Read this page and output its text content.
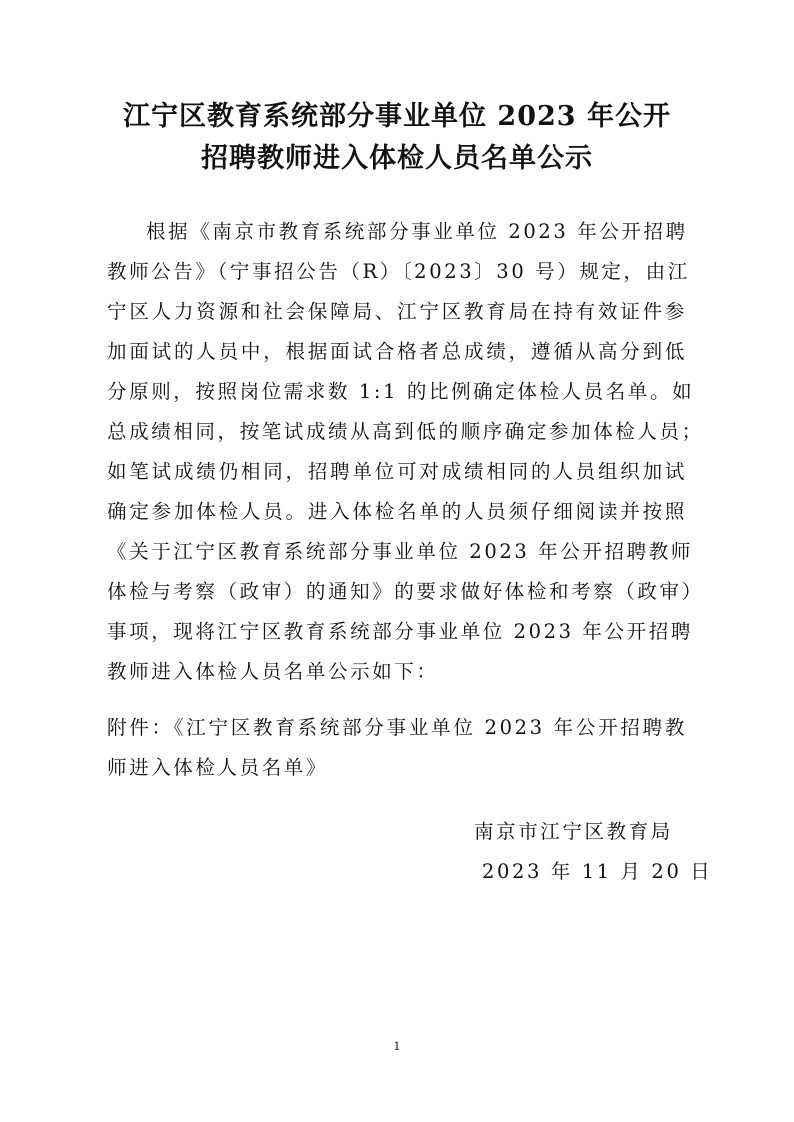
江宁区教育系统部分事业单位 2023 年公开
招聘教师进入体检人员名单公示
根据《南京市教育系统部分事业单位 2023 年公开招聘
教师公告》（宁事招公告（R）〔2023〕30 号）规定，由江
宁区人力资源和社会保障局、江宁区教育局在持有效证件参
加面试的人员中，根据面试合格者总成绩，遵循从高分到低
分原则，按照岗位需求数 1:1 的比例确定体检人员名单。如
总成绩相同，按笔试成绩从高到低的顺序确定参加体检人员；
如笔试成绩仍相同，招聘单位可对成绩相同的人员组织加试
确定参加体检人员。进入体检名单的人员须仔细阅读并按照
《关于江宁区教育系统部分事业单位 2023 年公开招聘教师
体检与考察（政审）的通知》的要求做好体检和考察（政审）
事项，现将江宁区教育系统部分事业单位 2023 年公开招聘
教师进入体检人员名单公示如下：
附件：《江宁区教育系统部分事业单位 2023 年公开招聘教
师进入体检人员名单》
南京市江宁区教育局
2023 年 11 月 20 日
1
